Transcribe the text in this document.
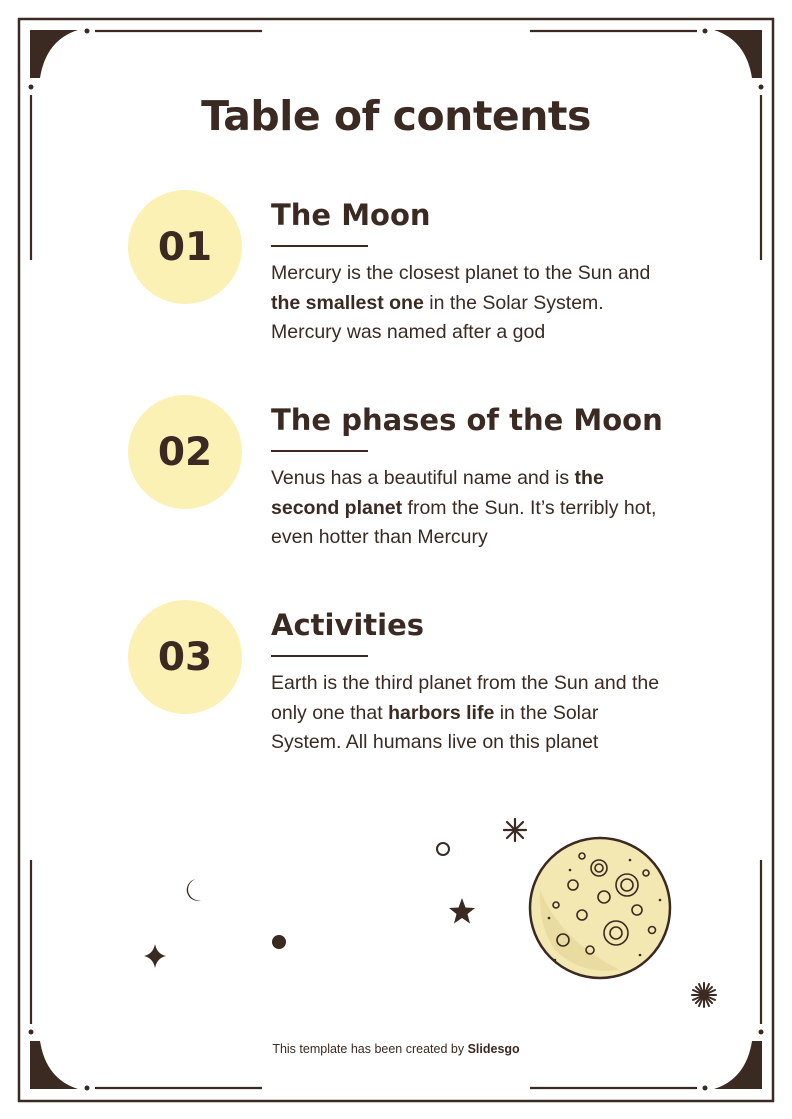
Table of contents
01
The Moon

Mercury is the closest planet to the Sun and the smallest one in the Solar System. Mercury was named after a god

02
The phases of the Moon

Venus has a beautiful name and is the second planet from the Sun. It’s terribly hot, even hotter than Mercury

03
Activities

Earth is the third planet from the Sun and the only one that harbors life in the Solar System. All humans live on this planet

This template has been created by Slidesgo
